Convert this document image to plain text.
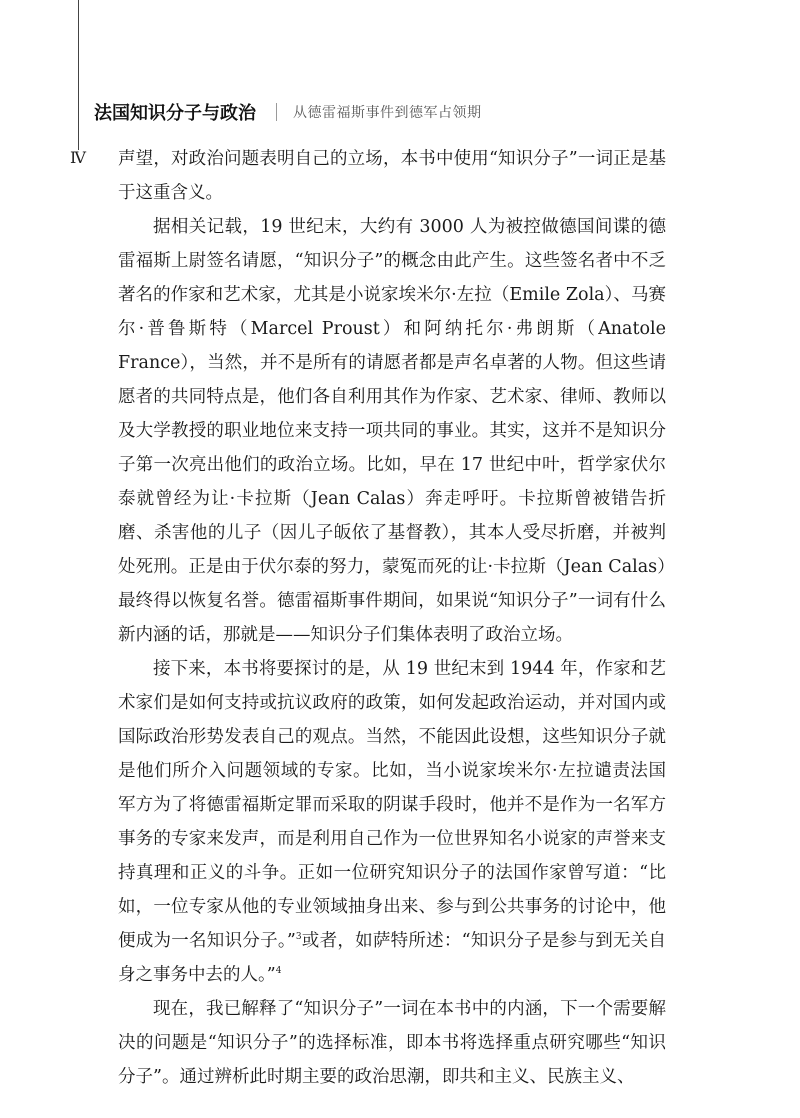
法国知识分子与政治	从德雷福斯事件到德军占领期
Ⅳ 声望，对政治问题表明自己的立场，本书中使用“知识分子”一词正是基于这重含义。

据相关记载，19 世纪末，大约有 3000 人为被控做德国间谍的德雷福斯上尉签名请愿，“知识分子”的概念由此产生。这些签名者中不乏著名的作家和艺术家，尤其是小说家埃米尔·左拉（Emile Zola）、马赛尔·普鲁斯特（Marcel Proust）和阿纳托尔·弗朗斯（Anatole France），当然，并不是所有的请愿者都是声名卓著的人物。但这些请愿者的共同特点是，他们各自利用其作为作家、艺术家、律师、教师以及大学教授的职业地位来支持一项共同的事业。其实，这并不是知识分子第一次亮出他们的政治立场。比如，早在 17 世纪中叶，哲学家伏尔泰就曾经为让·卡拉斯（Jean Calas）奔走呼吁。卡拉斯曾被错告折磨、杀害他的儿子（因儿子皈依了基督教），其本人受尽折磨，并被判处死刑。正是由于伏尔泰的努力，蒙冤而死的让·卡拉斯（Jean Calas）最终得以恢复名誉。德雷福斯事件期间，如果说“知识分子”一词有什么新内涵的话，那就是——知识分子们集体表明了政治立场。

接下来，本书将要探讨的是，从 19 世纪末到 1944 年，作家和艺术家们是如何支持或抗议政府的政策，如何发起政治运动，并对国内或国际政治形势发表自己的观点。当然，不能因此设想，这些知识分子就是他们所介入问题领域的专家。比如，当小说家埃米尔·左拉谴责法国军方为了将德雷福斯定罪而采取的阴谋手段时，他并不是作为一名军方事务的专家来发声，而是利用自己作为一位世界知名小说家的声誉来支持真理和正义的斗争。正如一位研究知识分子的法国作家曾写道：“比如，一位专家从他的专业领域抽身出来、参与到公共事务的讨论中，他便成为一名知识分子。”$^3$或者，如萨特所述：“知识分子是参与到无关自身之事务中去的人。”$^4$

现在，我已解释了“知识分子”一词在本书中的内涵，下一个需要解决的问题是“知识分子”的选择标准，即本书将选择重点研究哪些“知识分子”。通过辨析此时期主要的政治思潮，即共和主义、民族主义、
